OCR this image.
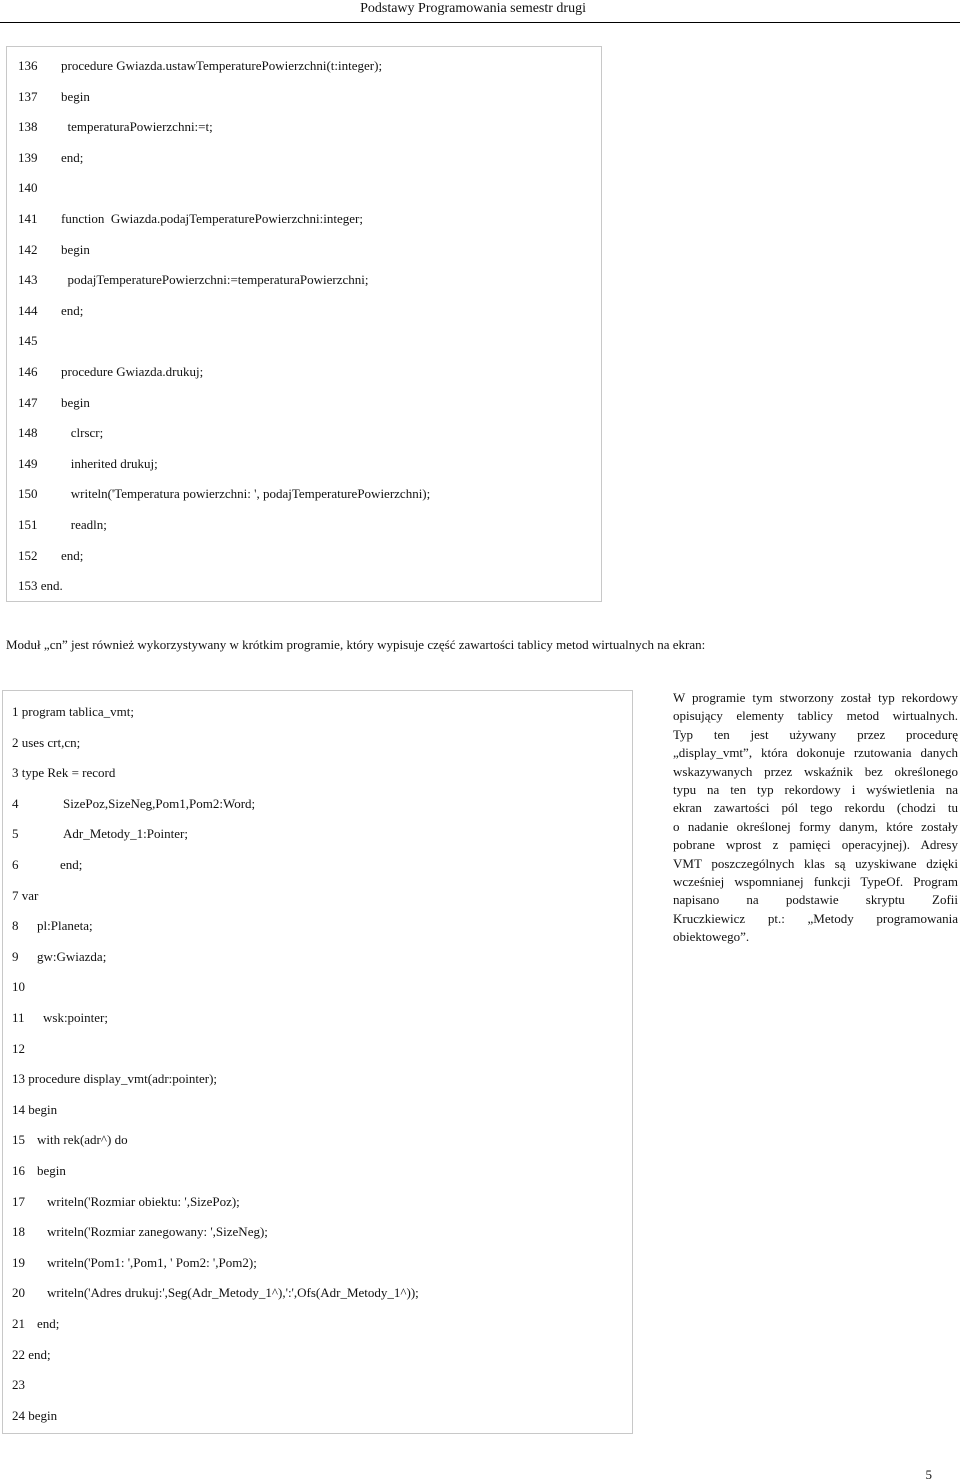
Podstawy Programowania semestr drugi
136 procedure Gwiazda.ustawTemperaturePowierzchni(t:integer);
137 begin
138 temperaturaPowierzchni:=t;
139 end;
140
141 function  Gwiazda.podajTemperaturePowierzchni:integer;
142 begin
143 podajTemperaturePowierzchni:=temperaturaPowierzchni;
144 end;
145
146 procedure Gwiazda.drukuj;
147 begin
148 clrscr;
149 inherited drukuj;
150 writeln('Temperatura powierzchni: ', podajTemperaturePowierzchni);
151 readln;
152 end;
153 end.
Moduł „cn” jest również wykorzystywany w krótkim programie, który wypisuje część zawartości tablicy metod wirtualnych na ekran:
1 program tablica_vmt;
2 uses crt,cn;
3 type Rek = record
4	SizePoz,SizeNeg,Pom1,Pom2:Word;
5	Adr_Metody_1:Pointer;
6	end;
7 var
8 pl:Planeta;
9 gw:Gwiazda;
10
11 wsk:pointer;
12
13 procedure display_vmt(adr:pointer);
14 begin
15 with rek(adr^) do
16 begin
17 writeln('Rozmiar obiektu: ',SizePoz);
18 writeln('Rozmiar zanegowany: ',SizeNeg);
19 writeln('Pom1: ',Pom1, ' Pom2: ',Pom2);
20 writeln('Adres drukuj:',Seg(Adr_Metody_1^),':',Ofs(Adr_Metody_1^));
21 end;
22 end;
23
24 begin
W programie tym stworzony został typ rekordowy
opisujący elementy tablicy metod wirtualnych.
Typ ten jest używany przez procedurę
„display_vmt”, która dokonuje rzutowania danych
wskazywanych przez wskaźnik bez określonego
typu na ten typ rekordowy i wyświetlenia na
ekran zawartości pól tego rekordu (chodzi tu
o nadanie określonej formy danym, które zostały
pobrane wprost z pamięci operacyjnej). Adresy
VMT poszczególnych klas są uzyskiwane dzięki
wcześniej wspomnianej funkcji TypeOf. Program
napisano na podstawie skryptu Zofii
Kruczkiewicz pt.: „Metody programowania
obiektowego”.
5
